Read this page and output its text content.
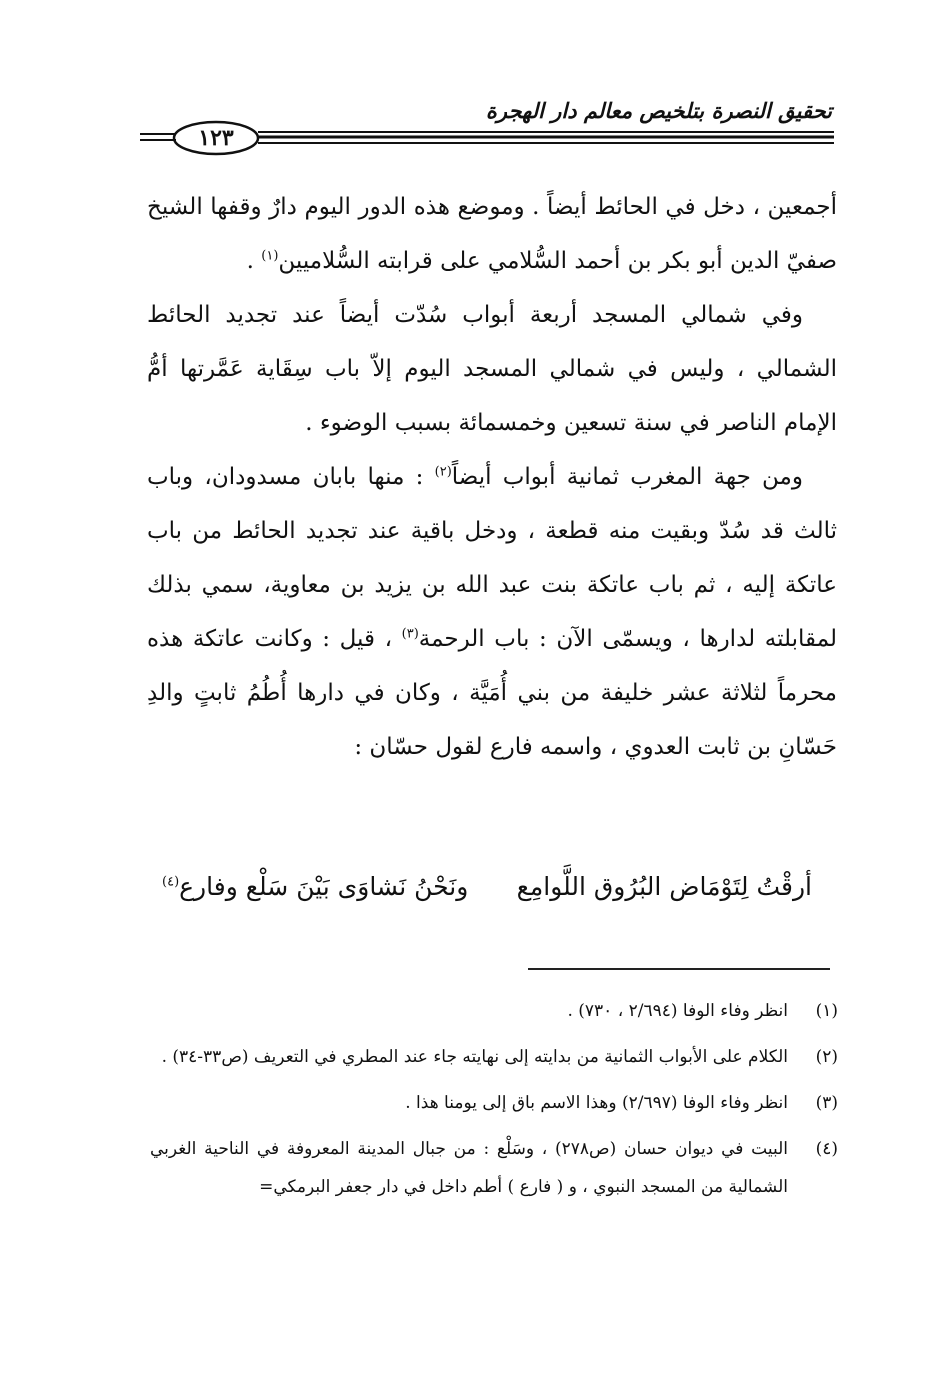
تحقيق النصرة بتلخيص معالم دار الهجرة
١٢٣

أجمعين ، دخل في الحائط أيضاً . وموضع هذه الدور اليوم دارٌ وقفها الشيخ صفيّ الدين أبو بكر بن أحمد السُّلامي على قرابته السُّلاميين$^{(١)}$ .

وفي شمالي المسجد أربعة أبواب سُدّت أيضاً عند تجديد الحائط الشمالي ، وليس في شمالي المسجد اليوم إلاّ باب سِقَاية عَمَّرتها أمُّ الإمام الناصر في سنة تسعين وخمسمائة بسبب الوضوء .

ومن جهة المغرب ثمانية أبواب أيضاً$^{(٢)}$ : منها بابان مسدودان، وباب ثالث قد سُدّ وبقيت منه قطعة ، ودخل باقية عند تجديد الحائط من باب عاتكة إليه ، ثم باب عاتكة بنت عبد الله بن يزيد بن معاوية، سمي بذلك لمقابلته لدارها ، ويسمّى الآن : باب الرحمة$^{(٣)}$ ، قيل : وكانت عاتكة هذه محرماً لثلاثة عشر خليفة من بني أُمَيَّة ، وكان في دارها أُطُمُ ثابتٍ والدِ حَسّانِ بن ثابت العدوي ، واسمه فارع لقول حسّان :

أرقْتُ لِتَوْمَاض البُرُوق اللَّوامِع
ونَحْنُ نَشاوَى بَيْنَ سَلْع وفارع$^{(٤)}$
(١)
انظر وفاء الوفا (٢/٦٩٤ ، ٧٣٠) .
(٢)
الكلام على الأبواب الثمانية من بدايته إلى نهايته جاء عند المطري في التعريف (ص٣٣-٣٤) .
(٣)
انظر وفاء الوفا (٢/٦٩٧) وهذا الاسم باق إلى يومنا هذا .
(٤)
البيت في ديوان حسان (ص٢٧٨) ، وسَلْع : من جبال المدينة المعروفة في الناحية الغربي الشمالية من المسجد النبوي ، و ( فارع ) أطم داخل في دار جعفر البرمكي=
